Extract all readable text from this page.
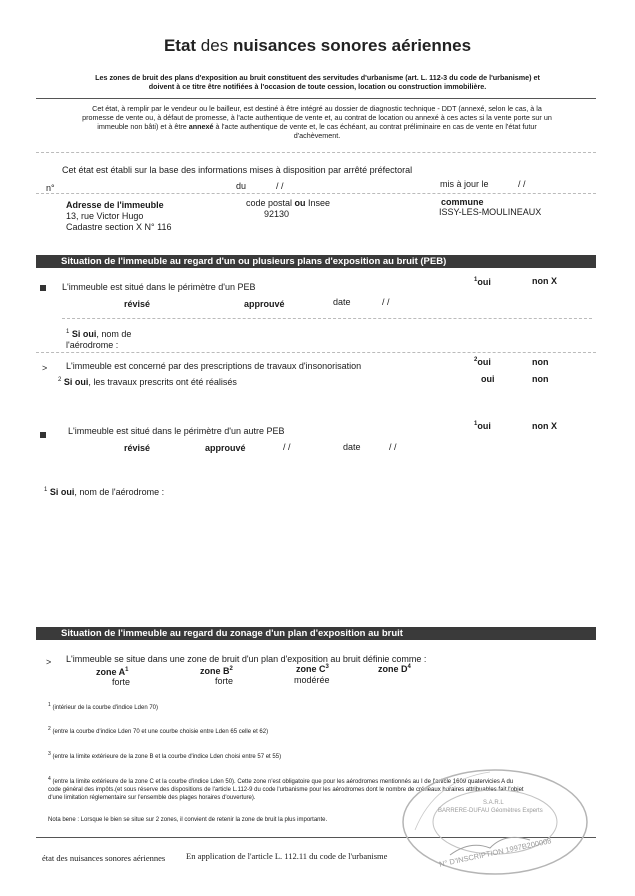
Etat des nuisances sonores aériennes
Les zones de bruit des plans d'exposition au bruit constituent des servitudes d'urbanisme (art. L. 112-3 du code de l'urbanisme) et
doivent à ce titre être notifiées à l'occasion de toute cession, location ou construction immobilière.
Cet état, à remplir par le vendeur ou le bailleur, est destiné à être intégré au dossier de diagnostic technique - DDT (annexé, selon le cas, à la
promesse de vente ou, à défaut de promesse, à l'acte authentique de vente et, au contrat de location ou annexé à ces actes si la vente porte sur un
immeuble non bâti) et à être annexé à l'acte authentique de vente et, le cas échéant, au contrat préliminaire en cas de vente en l'état futur
d'achèvement.
Cet état est établi sur la base des informations mises à disposition par arrêté préfectoral
n°	du	/ /	mis à jour le	/ /
Adresse de l'immeuble
13, rue Victor Hugo
Cadastre section X N° 116
code postal ou Insee
92130
commune
ISSY-LES-MOULINEAUX
Situation de l'immeuble au regard d'un ou plusieurs plans d'exposition au bruit (PEB)
L'immeuble est situé dans le périmètre d'un PEB
$^1$oui	non X
révisé	approuvé	date	/ /
$^1$ Si oui, nom de
l'aérodrome :
> L'immeuble est concerné par des prescriptions de travaux d'insonorisation
$^2$oui	non
$^2$ Si oui, les travaux prescrits ont été réalisés	oui	non
L'immeuble est situé dans le périmètre d'un autre PEB
$^1$oui	non X
révisé	approuvé	/ /	date	/ /
$^1$ Si oui, nom de l'aérodrome :
Situation de l'immeuble au regard du zonage d'un plan d'exposition au bruit
> L'immeuble se situe dans une zone de bruit d'un plan d'exposition au bruit définie comme :
zone $A^1$
forte
zone $B^2$
forte
zone $C^3$
modérée
zone $D^4$
$^1$ (intérieur de la courbe d'indice Lden 70)
$^2$ (entre la courbe d'indice Lden 70 et une courbe choisie entre Lden 65 celle et 62)
$^3$ (entre la limite extérieure de la zone B et la courbe d'indice Lden choisi entre 57 et 55)
$^4$ (entre la limite extérieure de la zone C et la courbe d'indice Lden 50). Cette zone n'est obligatoire que pour les aérodromes mentionnés au I de l'article 1609 quatervicies A du
code général des impôts.(et sous réserve des dispositions de l'article L.112-9 du code l'urbanisme pour les aérodromes dont le nombre de créneaux horaires attribuables fait l'objet
d'une limitation réglementaire sur l'ensemble des plages horaires d'ouverture).
Nota bene : Lorsque le bien se situe sur 2 zones, il convient de retenir la zone de bruit la plus importante.
S.A.R.L
BARRERE-DUFAU Géomètres Experts
N° D'INSCRIPTION 1997B200008
état des nuisances sonores aériennes En application de l'article L. 112.11 du code de l'urbanisme
